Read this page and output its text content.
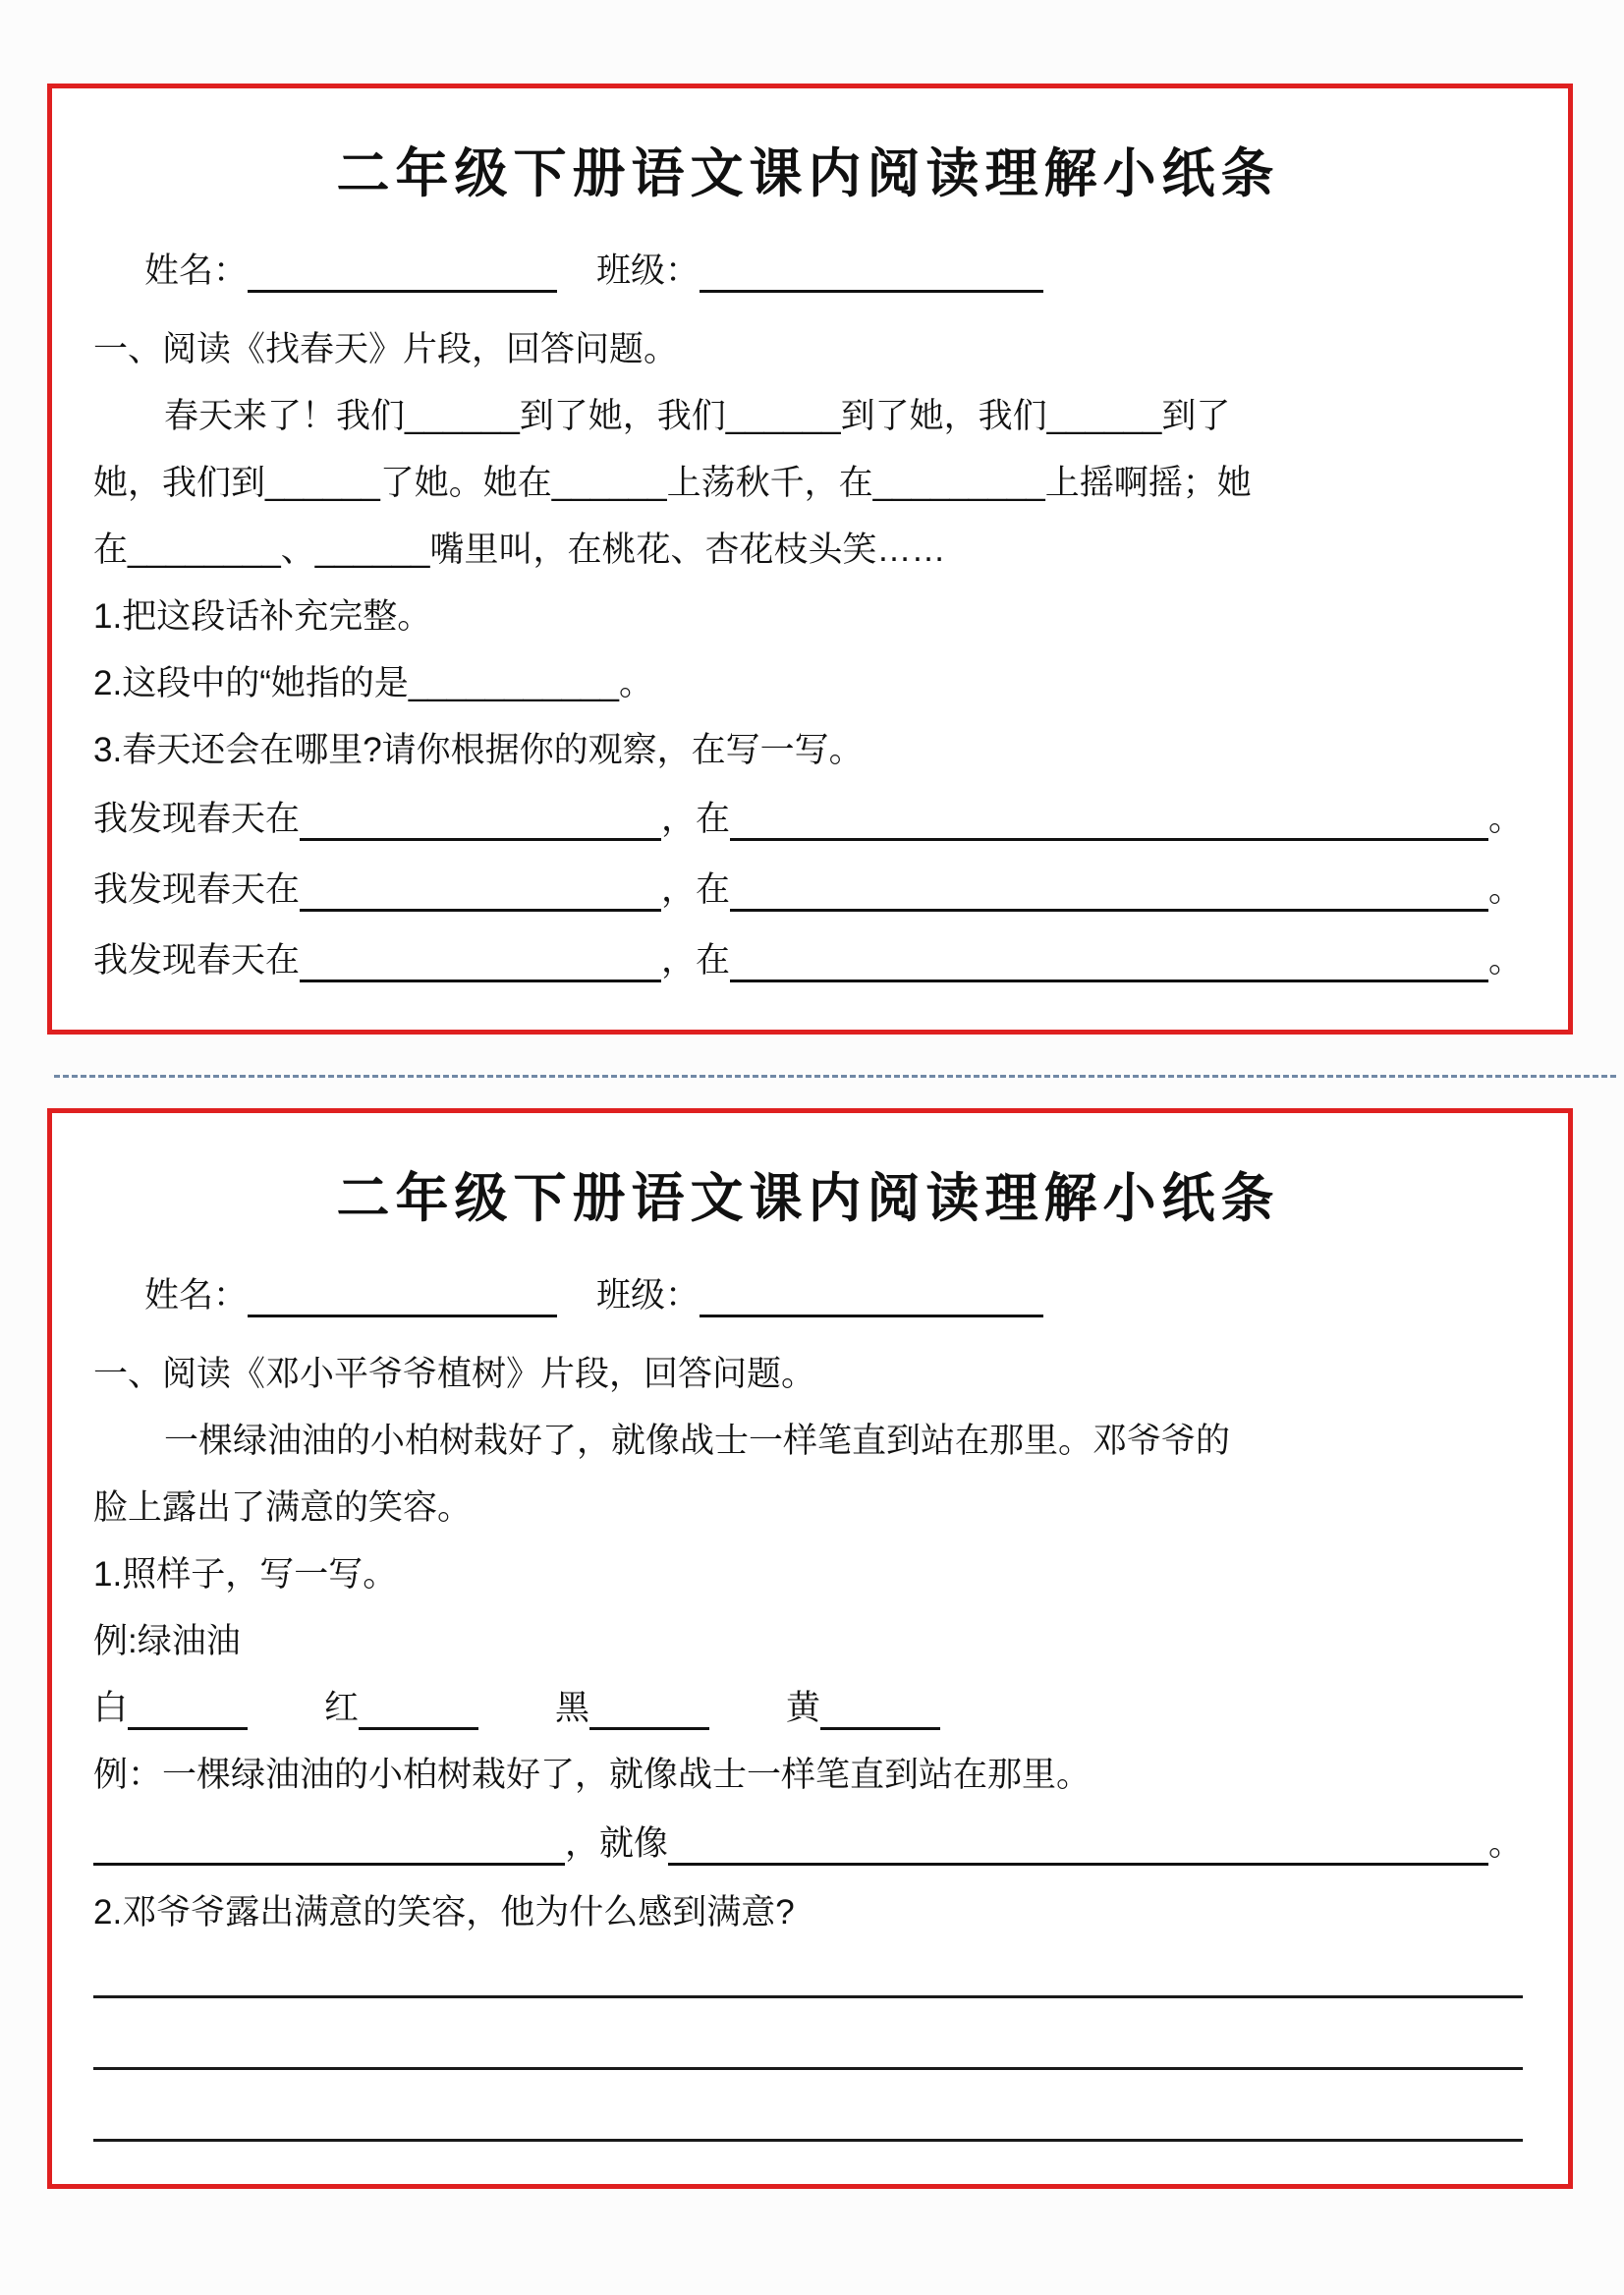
二年级下册语文课内阅读理解小纸条
姓名：	班级：
一、阅读《找春天》片段，回答问题。
春天来了！我们______到了她，我们______到了她，我们______到了
她，我们到______了她。她在______上荡秋千，在_________上摇啊摇；她
在________、______嘴里叫，在桃花、杏花枝头笑……
1.把这段话补充完整。
2.这段中的“她指的是___________。
3.春天还会在哪里?请你根据你的观察，在写一写。
我发现春天在	，在	。
我发现春天在	，在	。
我发现春天在	，在	。
二年级下册语文课内阅读理解小纸条
姓名：	班级：
一、阅读《邓小平爷爷植树》片段，回答问题。
一棵绿油油的小柏树栽好了，就像战士一样笔直到站在那里。邓爷爷的
脸上露出了满意的笑容。
1.照样子，写一写。
例:绿油油
白	红	黑	黄
例：一棵绿油油的小柏树栽好了，就像战士一样笔直到站在那里。
，就像	。
2.邓爷爷露出满意的笑容，他为什么感到满意?
